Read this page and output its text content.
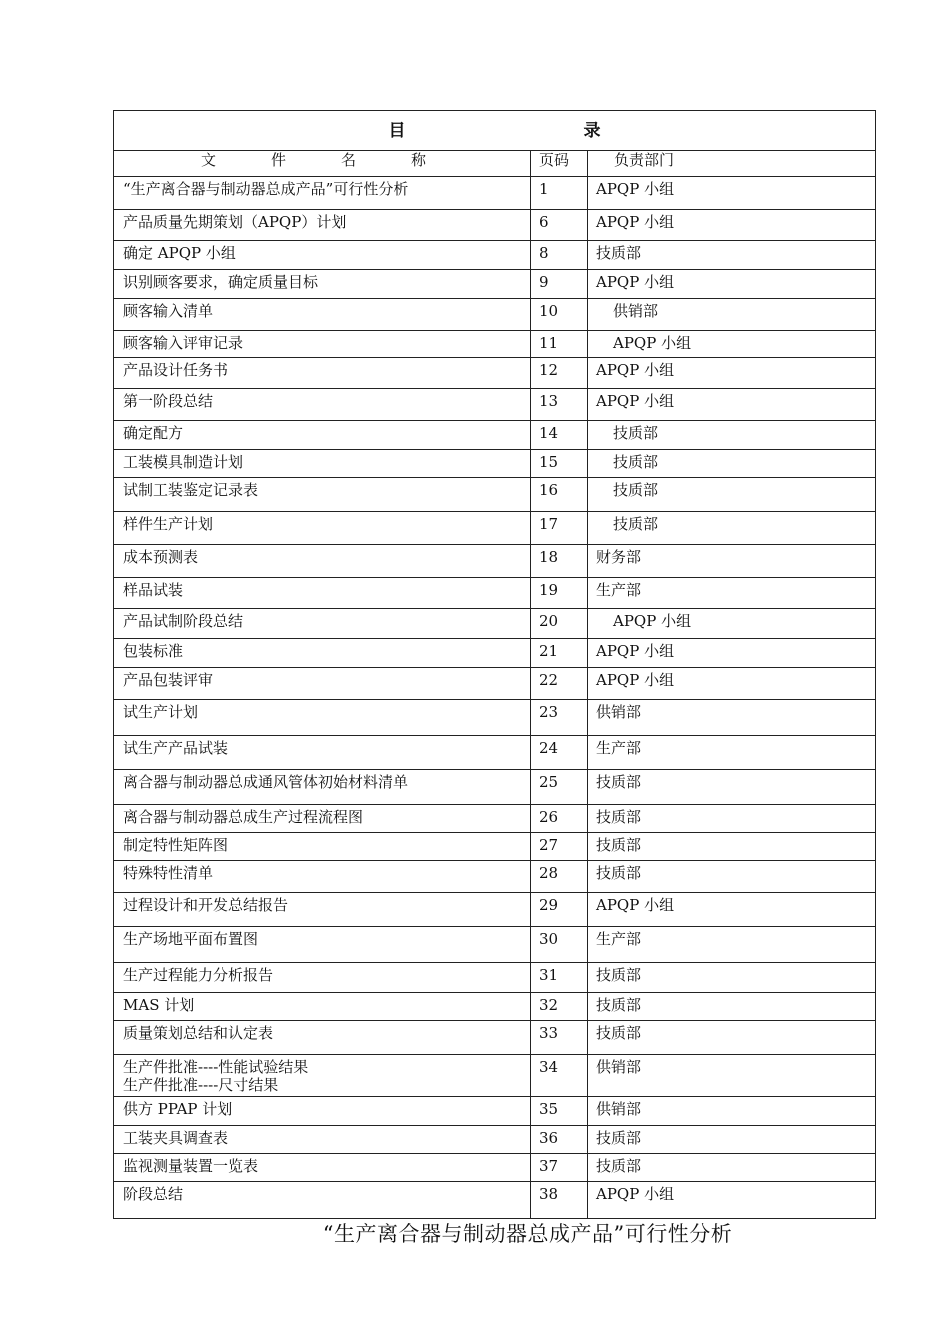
目 录		
文 件 名 称	页码	负责部门

“生产离合器与制动器总成产品”可行性分析	1	APQP 小组

产品质量先期策划（APQP）计划	6	APQP 小组

确定 APQP 小组	8	技质部

识别顾客要求，确定质量目标	9	APQP 小组

顾客输入清单	10	供销部

顾客输入评审记录	11	APQP 小组

产品设计任务书	12	APQP 小组

第一阶段总结	13	APQP 小组

确定配方	14	技质部

工装模具制造计划	15	技质部

试制工装鉴定记录表	16	技质部

样件生产计划	17	技质部

成本预测表	18	财务部

样品试装	19	生产部

产品试制阶段总结	20	APQP 小组

包装标准	21	APQP 小组

产品包装评审	22	APQP 小组

试生产计划	23	供销部

试生产产品试装	24	生产部

离合器与制动器总成通风管体初始材料清单	25	技质部

离合器与制动器总成生产过程流程图	26	技质部

制定特性矩阵图	27	技质部

特殊特性清单	28	技质部

过程设计和开发总结报告	29	APQP 小组

生产场地平面布置图	30	生产部

生产过程能力分析报告	31	技质部

MAS 计划	32	技质部

质量策划总结和认定表	33	技质部

生产件批准----性能试验结果
生产件批准----尺寸结果	34	供销部

供方 PPAP 计划	35	供销部

工装夹具调查表	36	技质部

监视测量装置一览表	37	技质部

阶段总结	38	APQP 小组
“生产离合器与制动器总成产品”可行性分析
